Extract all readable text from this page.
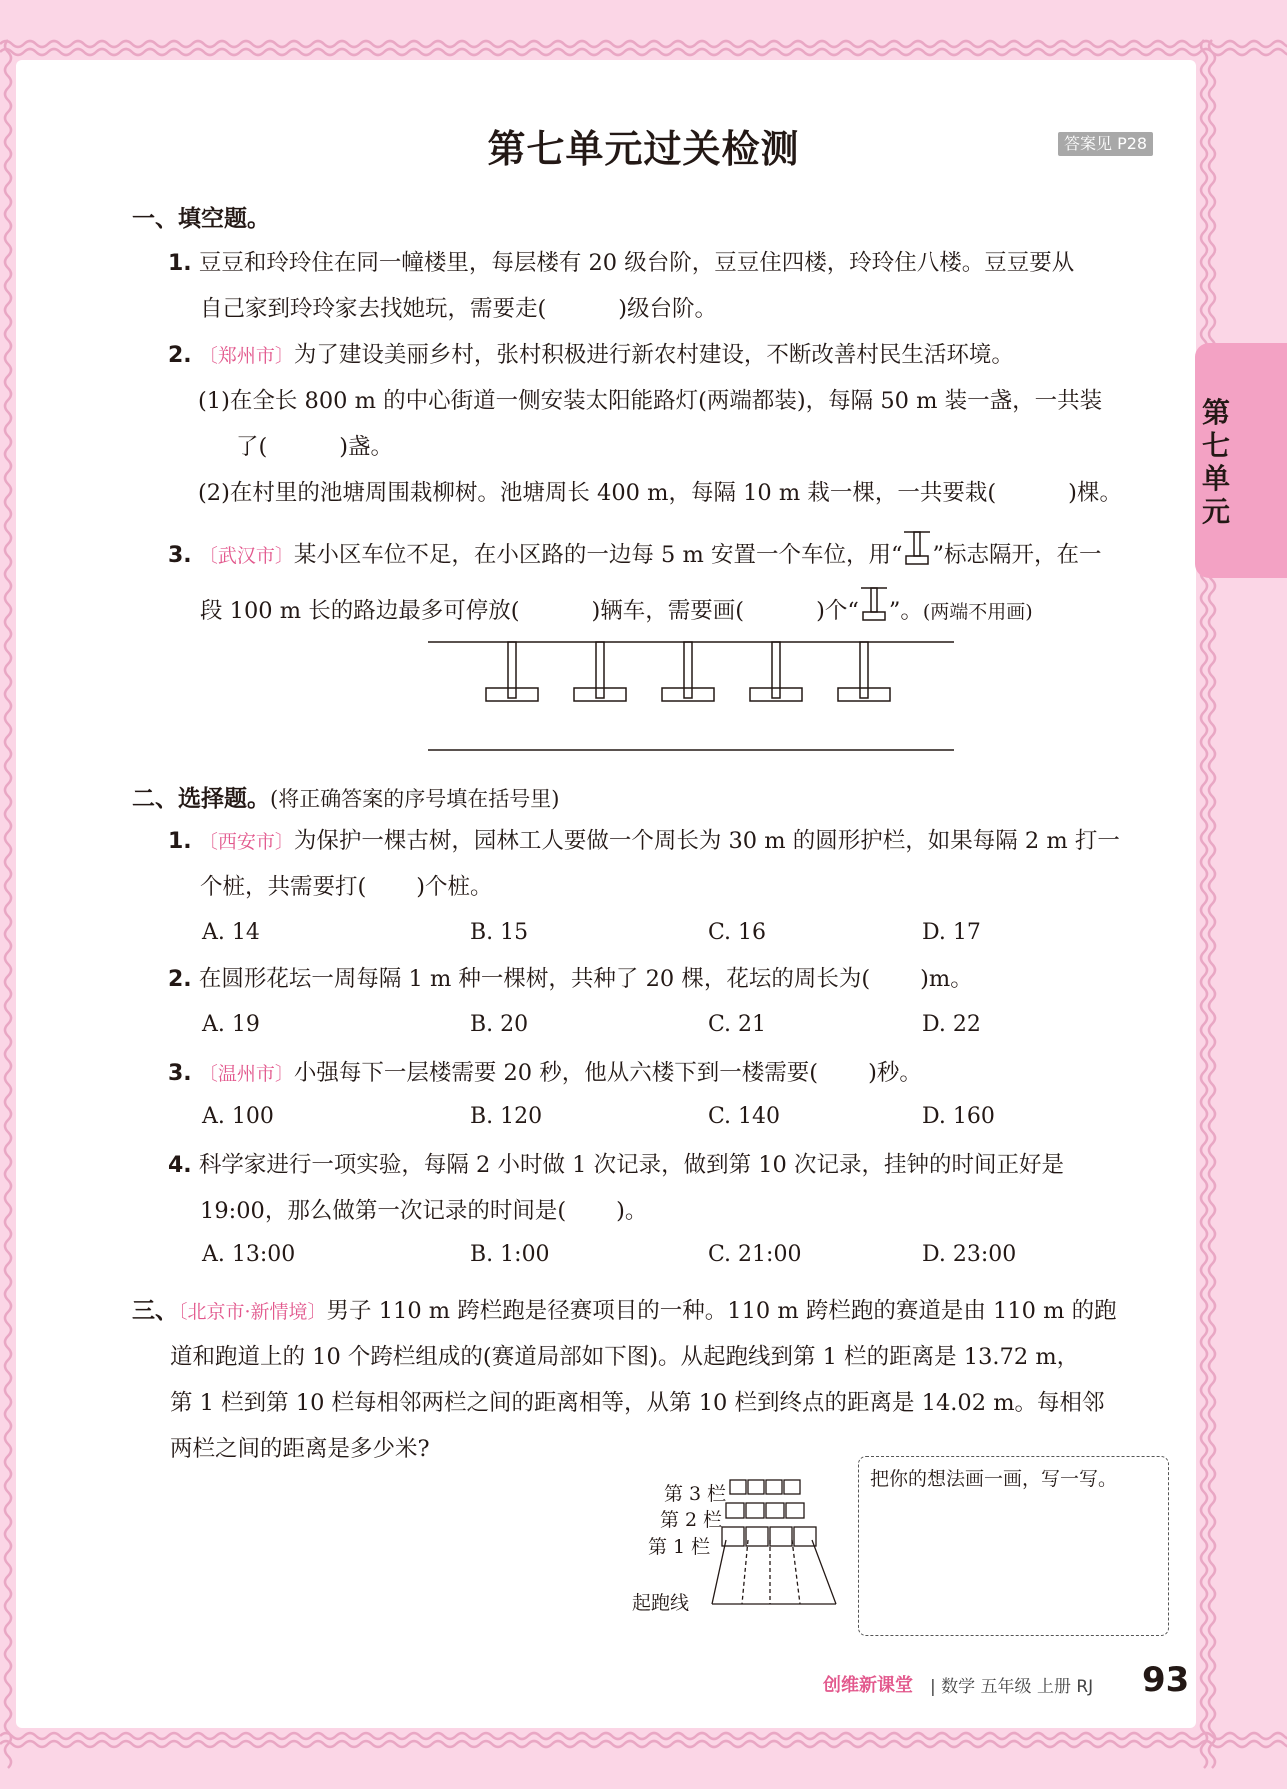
第七单元
第七单元过关检测	答案见 P28
一、填空题。
1. 豆豆和玲玲住在同一幢楼里，每层楼有 20 级台阶，豆豆住四楼，玲玲住八楼。豆豆要从
自己家到玲玲家去找她玩，需要走(	)级台阶。
2. 〔郑州市〕为了建设美丽乡村，张村积极进行新农村建设，不断改善村民生活环境。
(1)在全长 800 m 的中心街道一侧安装太阳能路灯(两端都装)，每隔 50 m 装一盏，一共装
了(	)盏。
(2)在村里的池塘周围栽柳树。池塘周长 400 m，每隔 10 m 栽一棵，一共要栽(	)棵。
3. 〔武汉市〕某小区车位不足，在小区路的一边每 5 m 安置一个车位，用“ ”标志隔开，在一
段 100 m 长的路边最多可停放(	)辆车，需要画(	)个“ ”。(两端不用画)
二、选择题。(将正确答案的序号填在括号里)
1. 〔西安市〕为保护一棵古树，园林工人要做一个周长为 30 m 的圆形护栏，如果每隔 2 m 打一
个桩，共需要打( )个桩。
A. 14	B. 15	C. 16	D. 17
2. 在圆形花坛一周每隔 1 m 种一棵树，共种了 20 棵，花坛的周长为( )m。
A. 19	B. 20	C. 21	D. 22
3. 〔温州市〕小强每下一层楼需要 20 秒，他从六楼下到一楼需要( )秒。
A. 100	B. 120	C. 140	D. 160
4. 科学家进行一项实验，每隔 2 小时做 1 次记录，做到第 10 次记录，挂钟的时间正好是
19:00，那么做第一次记录的时间是( )。
A. 13:00	B. 1:00	C. 21:00	D. 23:00
三、〔北京市·新情境〕男子 110 m 跨栏跑是径赛项目的一种。110 m 跨栏跑的赛道是由 110 m 的跑
道和跑道上的 10 个跨栏组成的(赛道局部如下图)。从起跑线到第 1 栏的距离是 13.72 m，
第 1 栏到第 10 栏每相邻两栏之间的距离相等，从第 10 栏到终点的距离是 14.02 m。每相邻
两栏之间的距离是多少米?
第 3 栏
第 2 栏
第 1 栏
起跑线
把你的想法画一画，写一写。
创维新课堂 | 数学 五年级 上册 RJ 93
